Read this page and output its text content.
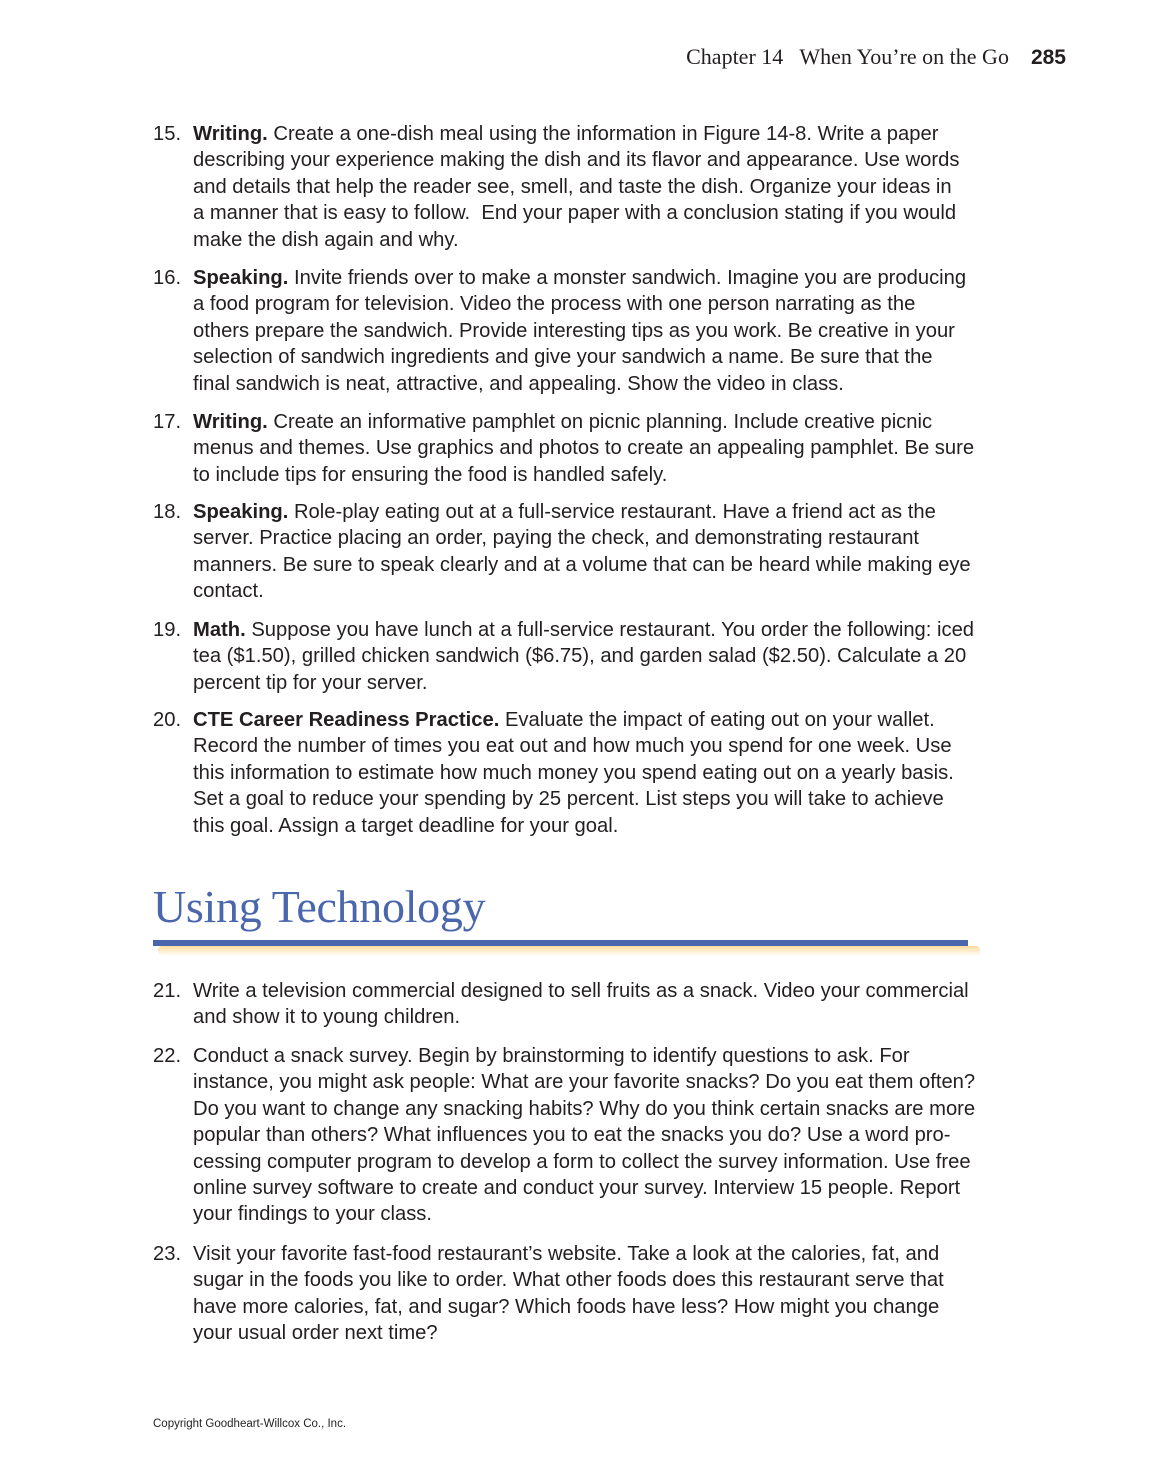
Chapter 14   When You’re on the Go 285
15. Writing. Create a one-dish meal using the information in Figure 14-8. Write a paper
describing your experience making the dish and its flavor and appearance. Use words
and details that help the reader see, smell, and taste the dish. Organize your ideas in
a manner that is easy to follow.  End your paper with a conclusion stating if you would
make the dish again and why.
16. Speaking. Invite friends over to make a monster sandwich. Imagine you are producing
a food program for television. Video the process with one person narrating as the
others prepare the sandwich. Provide interesting tips as you work. Be creative in your
selection of sandwich ingredients and give your sandwich a name. Be sure that the
final sandwich is neat, attractive, and appealing. Show the video in class.
17. Writing. Create an informative pamphlet on picnic planning. Include creative picnic
menus and themes. Use graphics and photos to create an appealing pamphlet. Be sure
to include tips for ensuring the food is handled safely.
18. Speaking. Role-play eating out at a full-service restaurant. Have a friend act as the
server. Practice placing an order, paying the check, and demonstrating restaurant
manners. Be sure to speak clearly and at a volume that can be heard while making eye
contact.
19. Math. Suppose you have lunch at a full-service restaurant. You order the following: iced
tea ($1.50), grilled chicken sandwich ($6.75), and garden salad ($2.50). Calculate a 20
percent tip for your server.
20. CTE Career Readiness Practice. Evaluate the impact of eating out on your wallet.
Record the number of times you eat out and how much you spend for one week. Use
this information to estimate how much money you spend eating out on a yearly basis.
Set a goal to reduce your spending by 25 percent. List steps you will take to achieve
this goal. Assign a target deadline for your goal.
Using Technology
21. Write a television commercial designed to sell fruits as a snack. Video your commercial
and show it to young children.
22. Conduct a snack survey. Begin by brainstorming to identify questions to ask. For
instance, you might ask people: What are your favorite snacks? Do you eat them often?
Do you want to change any snacking habits? Why do you think certain snacks are more
popular than others? What influences you to eat the snacks you do? Use a word pro-
cessing computer program to develop a form to collect the survey information. Use free
online survey software to create and conduct your survey. Interview 15 people. Report
your findings to your class.
23. Visit your favorite fast-food restaurant’s website. Take a look at the calories, fat, and
sugar in the foods you like to order. What other foods does this restaurant serve that
have more calories, fat, and sugar? Which foods have less? How might you change
your usual order next time?
Copyright Goodheart-Willcox Co., Inc.
